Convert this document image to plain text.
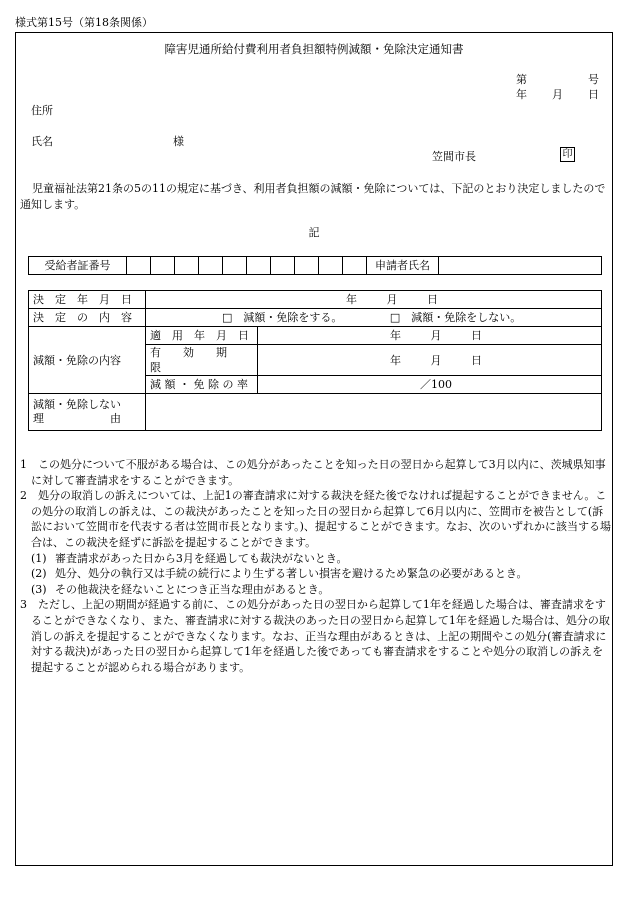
様式第15号（第18条関係）
障害児通所給付費利用者負担額特例減額・免除決定通知書
第	号
年 月 日
住所
氏名	様
笠間市長	印
児童福祉法第21条の5の11の規定に基づき、利用者負担額の減額・免除については、下記のとおり決定しましたので通知します。
記
受給者証番号											申請者氏名	
決　定　年　月　日	年 月 日	
決　定　の　内　容	□　減額・免除をする。 □　減額・免除をしない。	
減額・免除の内容	適　用　年　月　日	年 月 日
	有　　効　　期　　限	年 月 日
	減 額 ・ 免 除 の 率	／100

減額・免除しない
理　　　　　　由		

1　この処分について不服がある場合は、この処分があったことを知った日の翌日から起算して3月以内に、茨城県知事に対して審査請求をすることができます。

2　処分の取消しの訴えについては、上記1の審査請求に対する裁決を経た後でなければ提起することができません。この処分の取消しの訴えは、この裁決があったことを知った日の翌日から起算して6月以内に、笠間市を被告として(訴訟において笠間市を代表する者は笠間市長となります。)、提起することができます。なお、次のいずれかに該当する場合は、この裁決を経ずに訴訟を提起することができます。

(1) 審査請求があった日から3月を経過しても裁決がないとき。

(2) 処分、処分の執行又は手続の続行により生ずる著しい損害を避けるため緊急の必要があるとき。

(3) その他裁決を経ないことにつき正当な理由があるとき。

3　ただし、上記の期間が経過する前に、この処分があった日の翌日から起算して1年を経過した場合は、審査請求をすることができなくなり、また、審査請求に対する裁決のあった日の翌日から起算して1年を経過した場合は、処分の取消しの訴えを提起することができなくなります。なお、正当な理由があるときは、上記の期間やこの処分(審査請求に対する裁決)があった日の翌日から起算して1年を経過した後であっても審査請求をすることや処分の取消しの訴えを提起することが認められる場合があります。
